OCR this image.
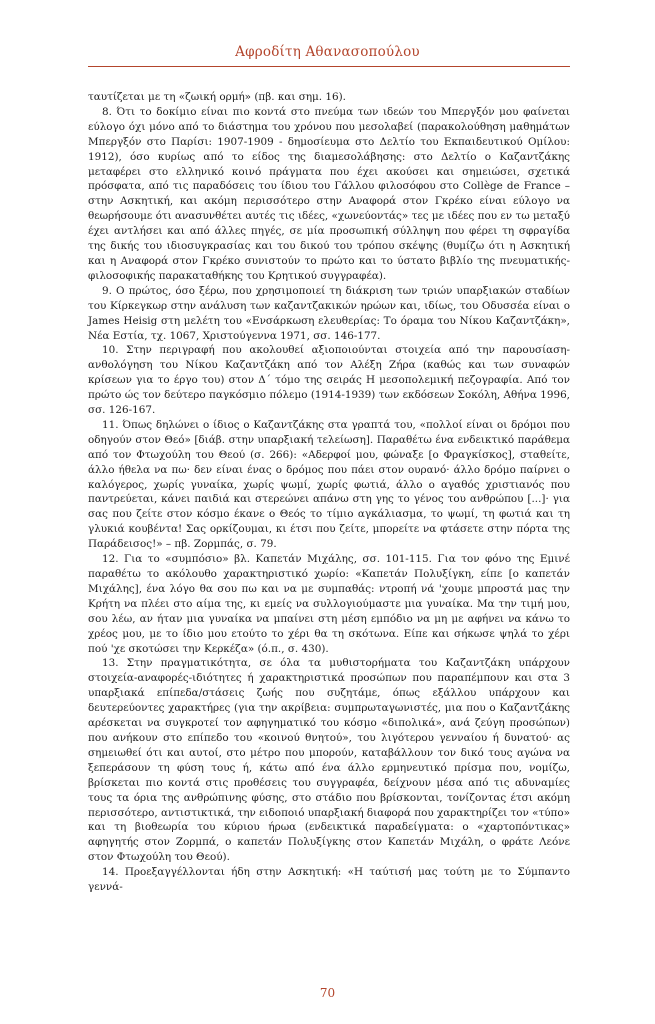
Αφροδίτη Αθανασοπούλου

ταυτίζεται με τη «ζωική ορμή» (πβ. και σημ. 16).

8. Ότι το δοκίμιο είναι πιο κοντά στο πνεύμα των ιδεών του Μπεργξόν μου φαίνεται εύλογο όχι μόνο από το διάστημα του χρόνου που μεσολαβεί (παρακολούθηση μαθημάτων Μπεργξόν στο Παρίσι: 1907-1909 - δημοσίευμα στο Δελτίο του Εκπαιδευτικού Ομίλου: 1912), όσο κυρίως από το είδος της διαμεσολάβησης: στο Δελτίο ο Καζαντζάκης μεταφέρει στο ελληνικό κοινό πράγματα που έχει ακούσει και σημειώσει, σχετικά πρόσφατα, από τις παραδόσεις του ίδιου του Γάλλου φιλοσόφου στο Collège de France – στην Ασκητική, και ακόμη περισσότερο στην Αναφορά στον Γκρέκο είναι εύλογο να θεωρήσουμε ότι ανασυνθέτει αυτές τις ιδέες, «χωνεύοντάς» τες με ιδέες που εν τω μεταξύ έχει αντλήσει και από άλλες πηγές, σε μία προσωπική σύλληψη που φέρει τη σφραγίδα της δικής του ιδιοσυγκρασίας και του δικού του τρόπου σκέψης (θυμίζω ότι η Ασκητική και η Αναφορά στον Γκρέκο συνιστούν το πρώτο και το ύστατο βιβλίο της πνευματικής-φιλοσοφικής παρακαταθήκης του Κρητικού συγγραφέα).

9. Ο πρώτος, όσο ξέρω, που χρησιμοποιεί τη διάκριση των τριών υπαρξιακών σταδίων του Κίρκεγκωρ στην ανάλυση των καζαντζακικών ηρώων και, ιδίως, του Οδυσσέα είναι ο James Heisig στη μελέτη του «Ενσάρκωση ελευθερίας: Το όραμα του Νίκου Καζαντζάκη», Νέα Εστία, τχ. 1067, Χριστούγεννα 1971, σσ. 146-177.

10. Στην περιγραφή που ακολουθεί αξιοποιούνται στοιχεία από την παρουσίαση-ανθολόγηση του Νίκου Καζαντζάκη από τον Αλέξη Ζήρα (καθώς και των συναφών κρίσεων για το έργο του) στον Δ΄ τόμο της σειράς Η μεσοπολεμική πεζογραφία. Από τον πρώτο ώς τον δεύτερο παγκόσμιο πόλεμο (1914-1939) των εκδόσεων Σοκόλη, Αθήνα 1996, σσ. 126-167.

11. Όπως δηλώνει ο ίδιος ο Καζαντζάκης στα γραπτά του, «πολλοί είναι οι δρόμοι που οδηγούν στον Θεό» [διάβ. στην υπαρξιακή τελείωση]. Παραθέτω ένα ενδεικτικό παράθεμα από τον Φτωχούλη του Θεού (σ. 266): «Αδερφοί μου, φώναξε [ο Φραγκίσκος], σταθείτε, άλλο ήθελα να πω· δεν είναι ένας ο δρόμος που πάει στον ουρανό· άλλο δρόμο παίρνει ο καλόγερος, χωρίς γυναίκα, χωρίς ψωμί, χωρίς φωτιά, άλλο ο αγαθός χριστιανός που παντρεύεται, κάνει παιδιά και στερεώνει απάνω στη γης το γένος του ανθρώπου [...]· για σας που ζείτε στον κόσμο έκανε ο Θεός το τίμιο αγκάλιασμα, το ψωμί, τη φωτιά και τη γλυκιά κουβέντα! Σας ορκίζουμαι, κι έτσι που ζείτε, μπορείτε να φτάσετε στην πόρτα της Παράδεισος!» – πβ. Ζορμπάς, σ. 79.

12. Για το «συμπόσιο» βλ. Καπετάν Μιχάλης, σσ. 101-115. Για τον φόνο της Εμινέ παραθέτω το ακόλουθο χαρακτηριστικό χωρίο: «Καπετάν Πολυξίγκη, είπε [ο καπετάν Μιχάλης], ένα λόγο θα σου πω και να με συμπαθάς: ντροπή νά 'χουμε μπροστά μας την Κρήτη να πλέει στο αίμα της, κι εμείς να συλλογιούμαστε μια γυναίκα. Μα την τιμή μου, σου λέω, αν ήταν μια γυναίκα να μπαίνει στη μέση εμπόδιο να μη με αφήνει να κάνω το χρέος μου, με το ίδιο μου ετούτο το χέρι θα τη σκότωνα. Είπε και σήκωσε ψηλά το χέρι πού 'χε σκοτώσει την Κερκέζα» (ό.π., σ. 430).

13. Στην πραγματικότητα, σε όλα τα μυθιστορήματα του Καζαντζάκη υπάρχουν στοιχεία-αναφορές-ιδιότητες ή χαρακτηριστικά προσώπων που παραπέμπουν και στα 3 υπαρξιακά επίπεδα/στάσεις ζωής που συζητάμε, όπως εξάλλου υπάρχουν και δευτερεύοντες χαρακτήρες (για την ακρίβεια: συμπρωταγωνιστές, μια που ο Καζαντζάκης αρέσκεται να συγκροτεί τον αφηγηματικό του κόσμο «διπολικά», ανά ζεύγη προσώπων) που ανήκουν στο επίπεδο του «κοινού θνητού», του λιγότερου γενναίου ή δυνατού· ας σημειωθεί ότι και αυτοί, στο μέτρο που μπορούν, καταβάλλουν τον δικό τους αγώνα να ξεπεράσουν τη φύση τους ή, κάτω από ένα άλλο ερμηνευτικό πρίσμα που, νομίζω, βρίσκεται πιο κοντά στις προθέσεις του συγγραφέα, δείχνουν μέσα από τις αδυναμίες τους τα όρια της ανθρώπινης φύσης, στο στάδιο που βρίσκονται, τονίζοντας έτσι ακόμη περισσότερο, αντιστικτικά, την ειδοποιό υπαρξιακή διαφορά που χαρακτηρίζει τον «τύπο» και τη βιοθεωρία του κύριου ήρωα (ενδεικτικά παραδείγματα: ο «χαρτοπόντικας» αφηγητής στον Ζορμπά, ο καπετάν Πολυξίγκης στον Καπετάν Μιχάλη, ο φράτε Λεόνε στον Φτωχούλη του Θεού).

14. Προεξαγγέλλονται ήδη στην Ασκητική: «Η ταύτισή μας τούτη με το Σύμπαντο γεννά-

70
